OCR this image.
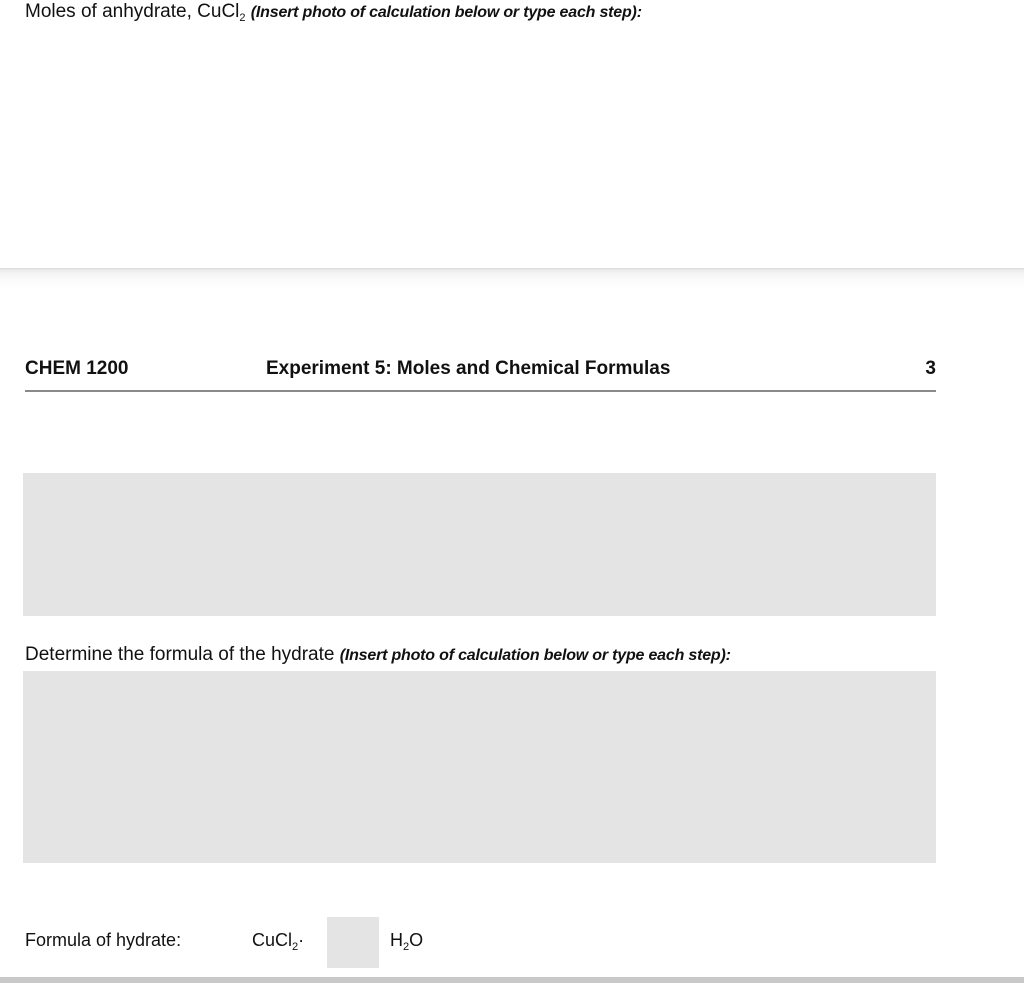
Moles of anhydrate, CuCl$_2$ (Insert photo of calculation below or type each step):
CHEM 1200	Experiment 5: Moles and Chemical Formulas	3
Determine the formula of the hydrate (Insert photo of calculation below or type each step):
Formula of hydrate:	CuCl$_2$·	$H_2O$
